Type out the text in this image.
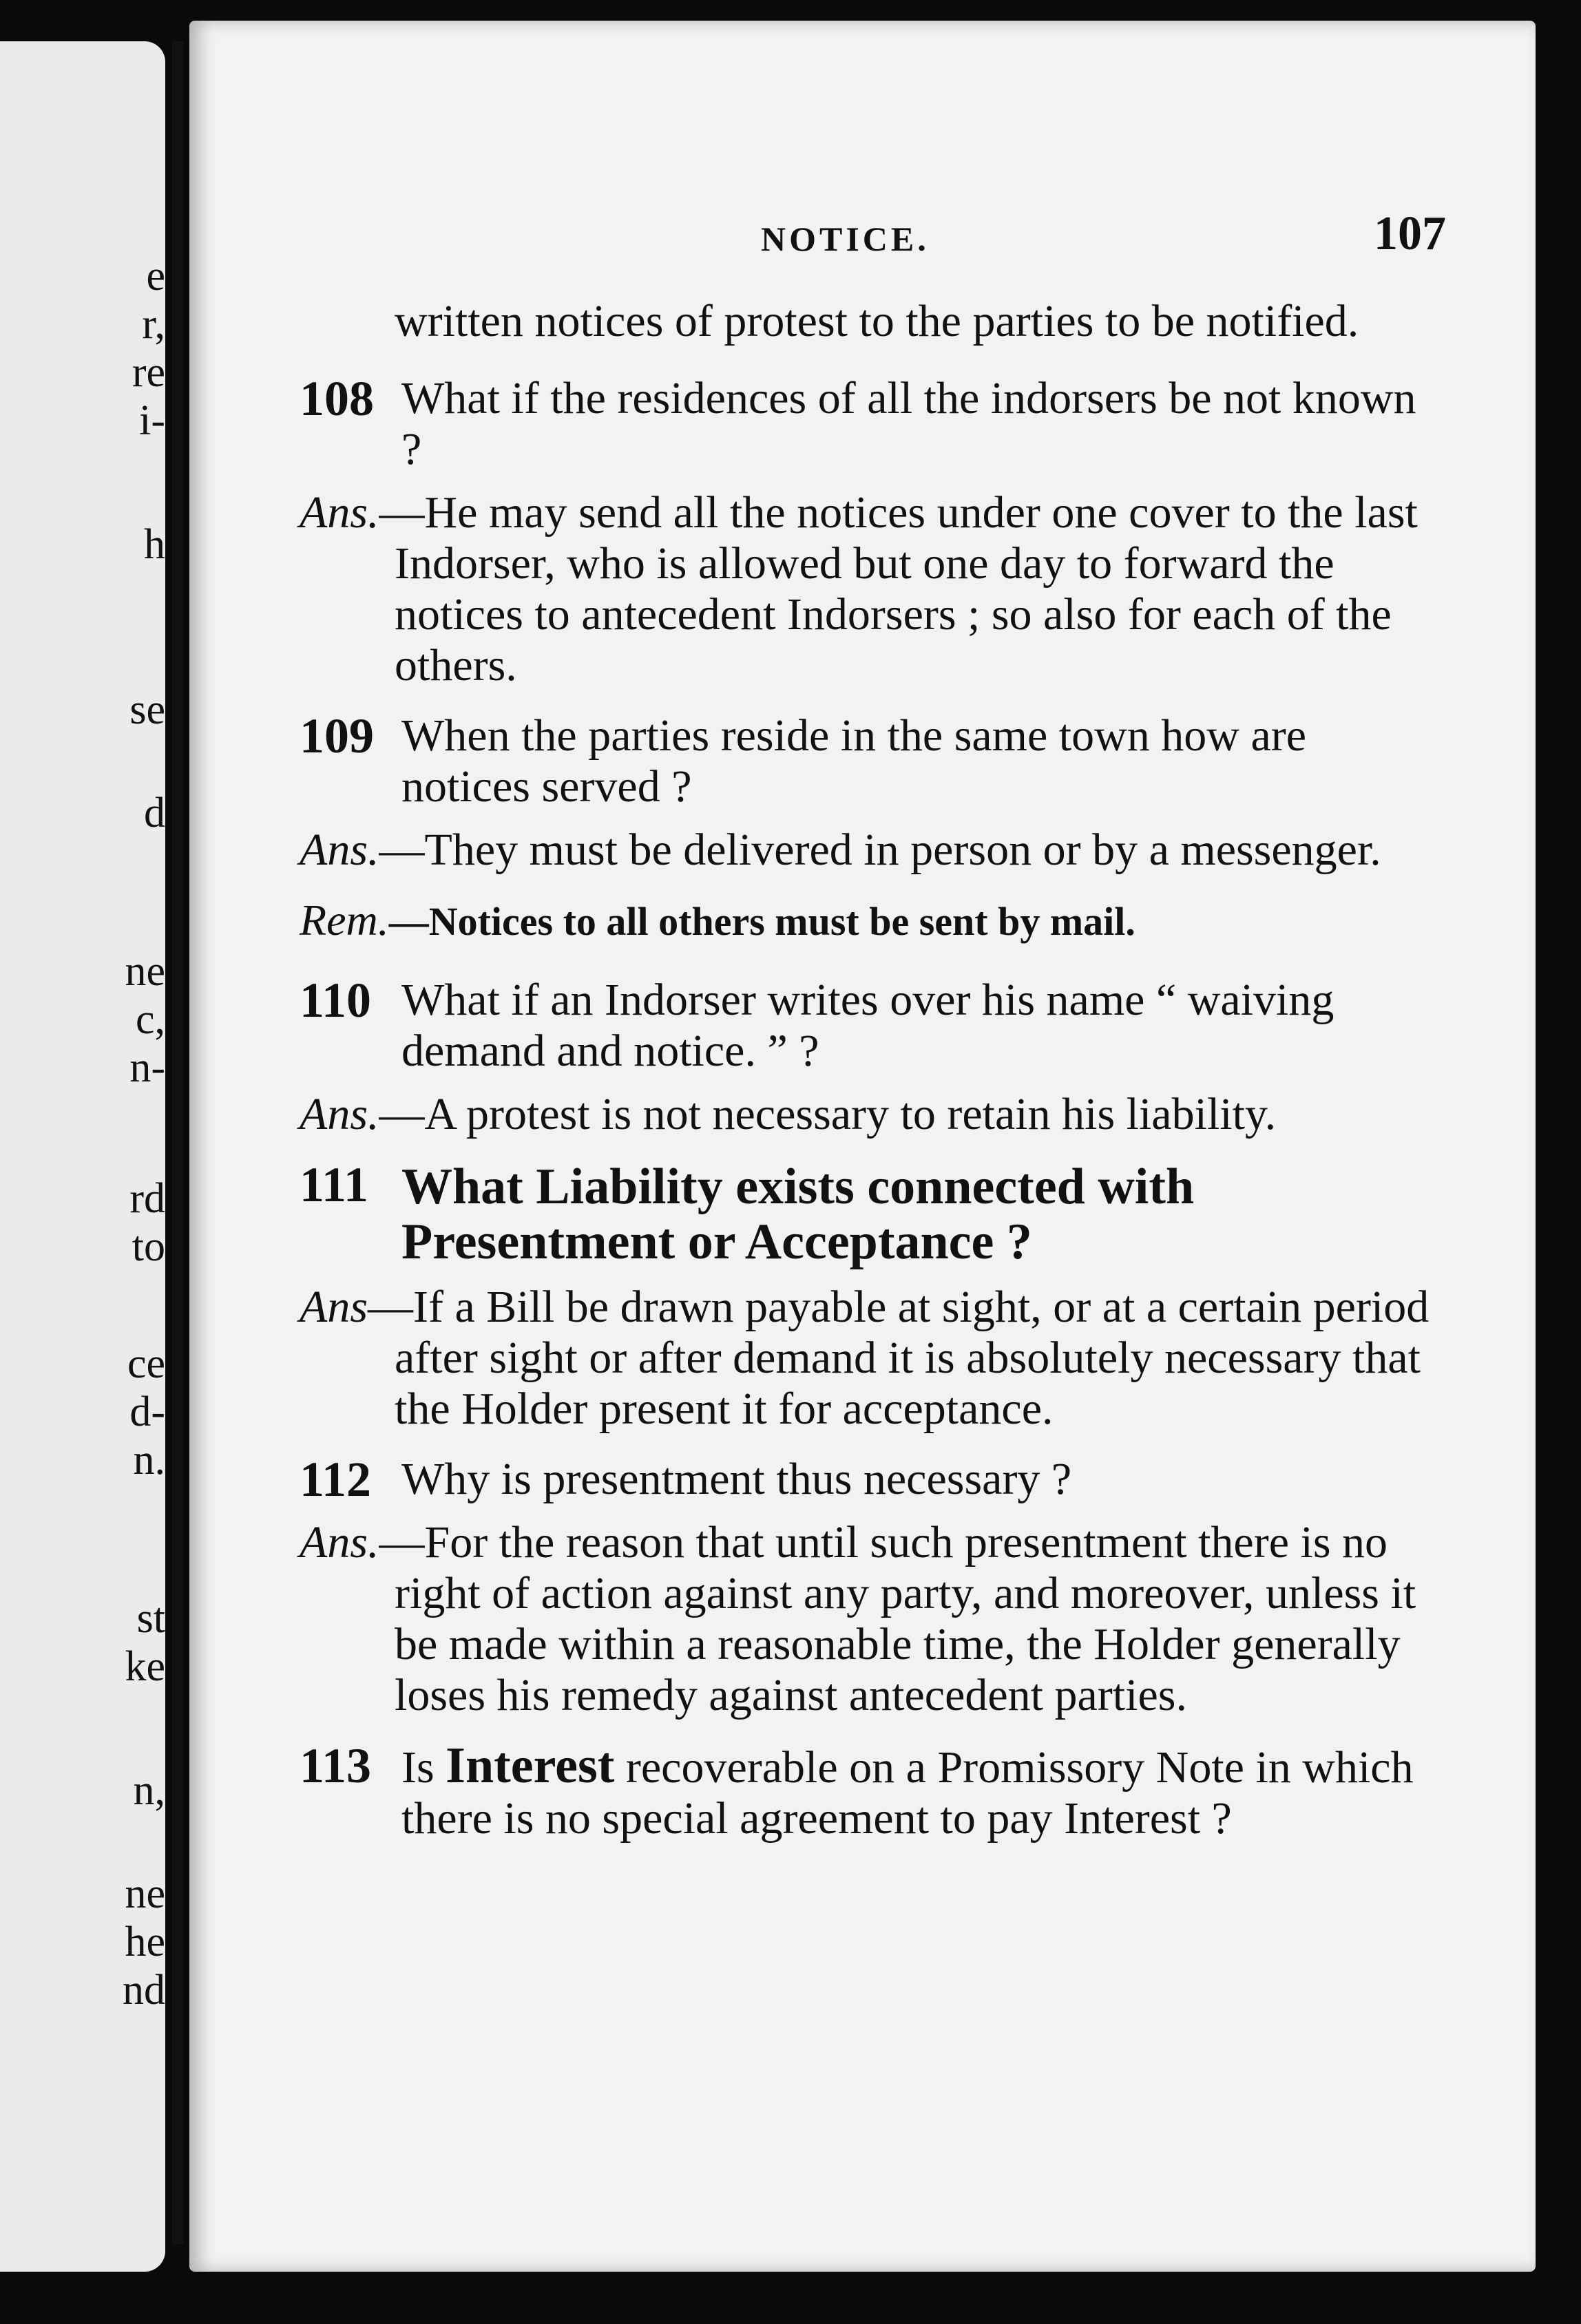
e
r,
re
i-
h
se
d
ne
c,
n-
rd
to
ce
d-
n.
st
ke
n,
ne
he
nd
NOTICE.	107
written notices of protest to the parties to be notified.
108 What if the residences of all the indorsers be not known ?
Ans.—He may send all the notices under one cover to the last Indorser, who is allowed but one day to forward the notices to antecedent Indorsers ; so also for each of the others.
109 When the parties reside in the same town how are notices served ?
Ans.—They must be delivered in person or by a messenger.
Rem.—Notices to all others must be sent by mail.
110 What if an Indorser writes over his name “ waiving demand and notice. ” ?
Ans.—A protest is not necessary to retain his liability.
111 What Liability exists connected with Presentment or Acceptance ?
Ans—If a Bill be drawn payable at sight, or at a certain period after sight or after demand it is absolutely necessary that the Holder present it for acceptance.
112 Why is presentment thus necessary ?
Ans.—For the reason that until such presentment there is no right of action against any party, and moreover, unless it be made within a reasonable time, the Holder generally loses his remedy against antecedent parties.
113 Is Interest recoverable on a Promissory Note in which there is no special agreement to pay Interest ?
